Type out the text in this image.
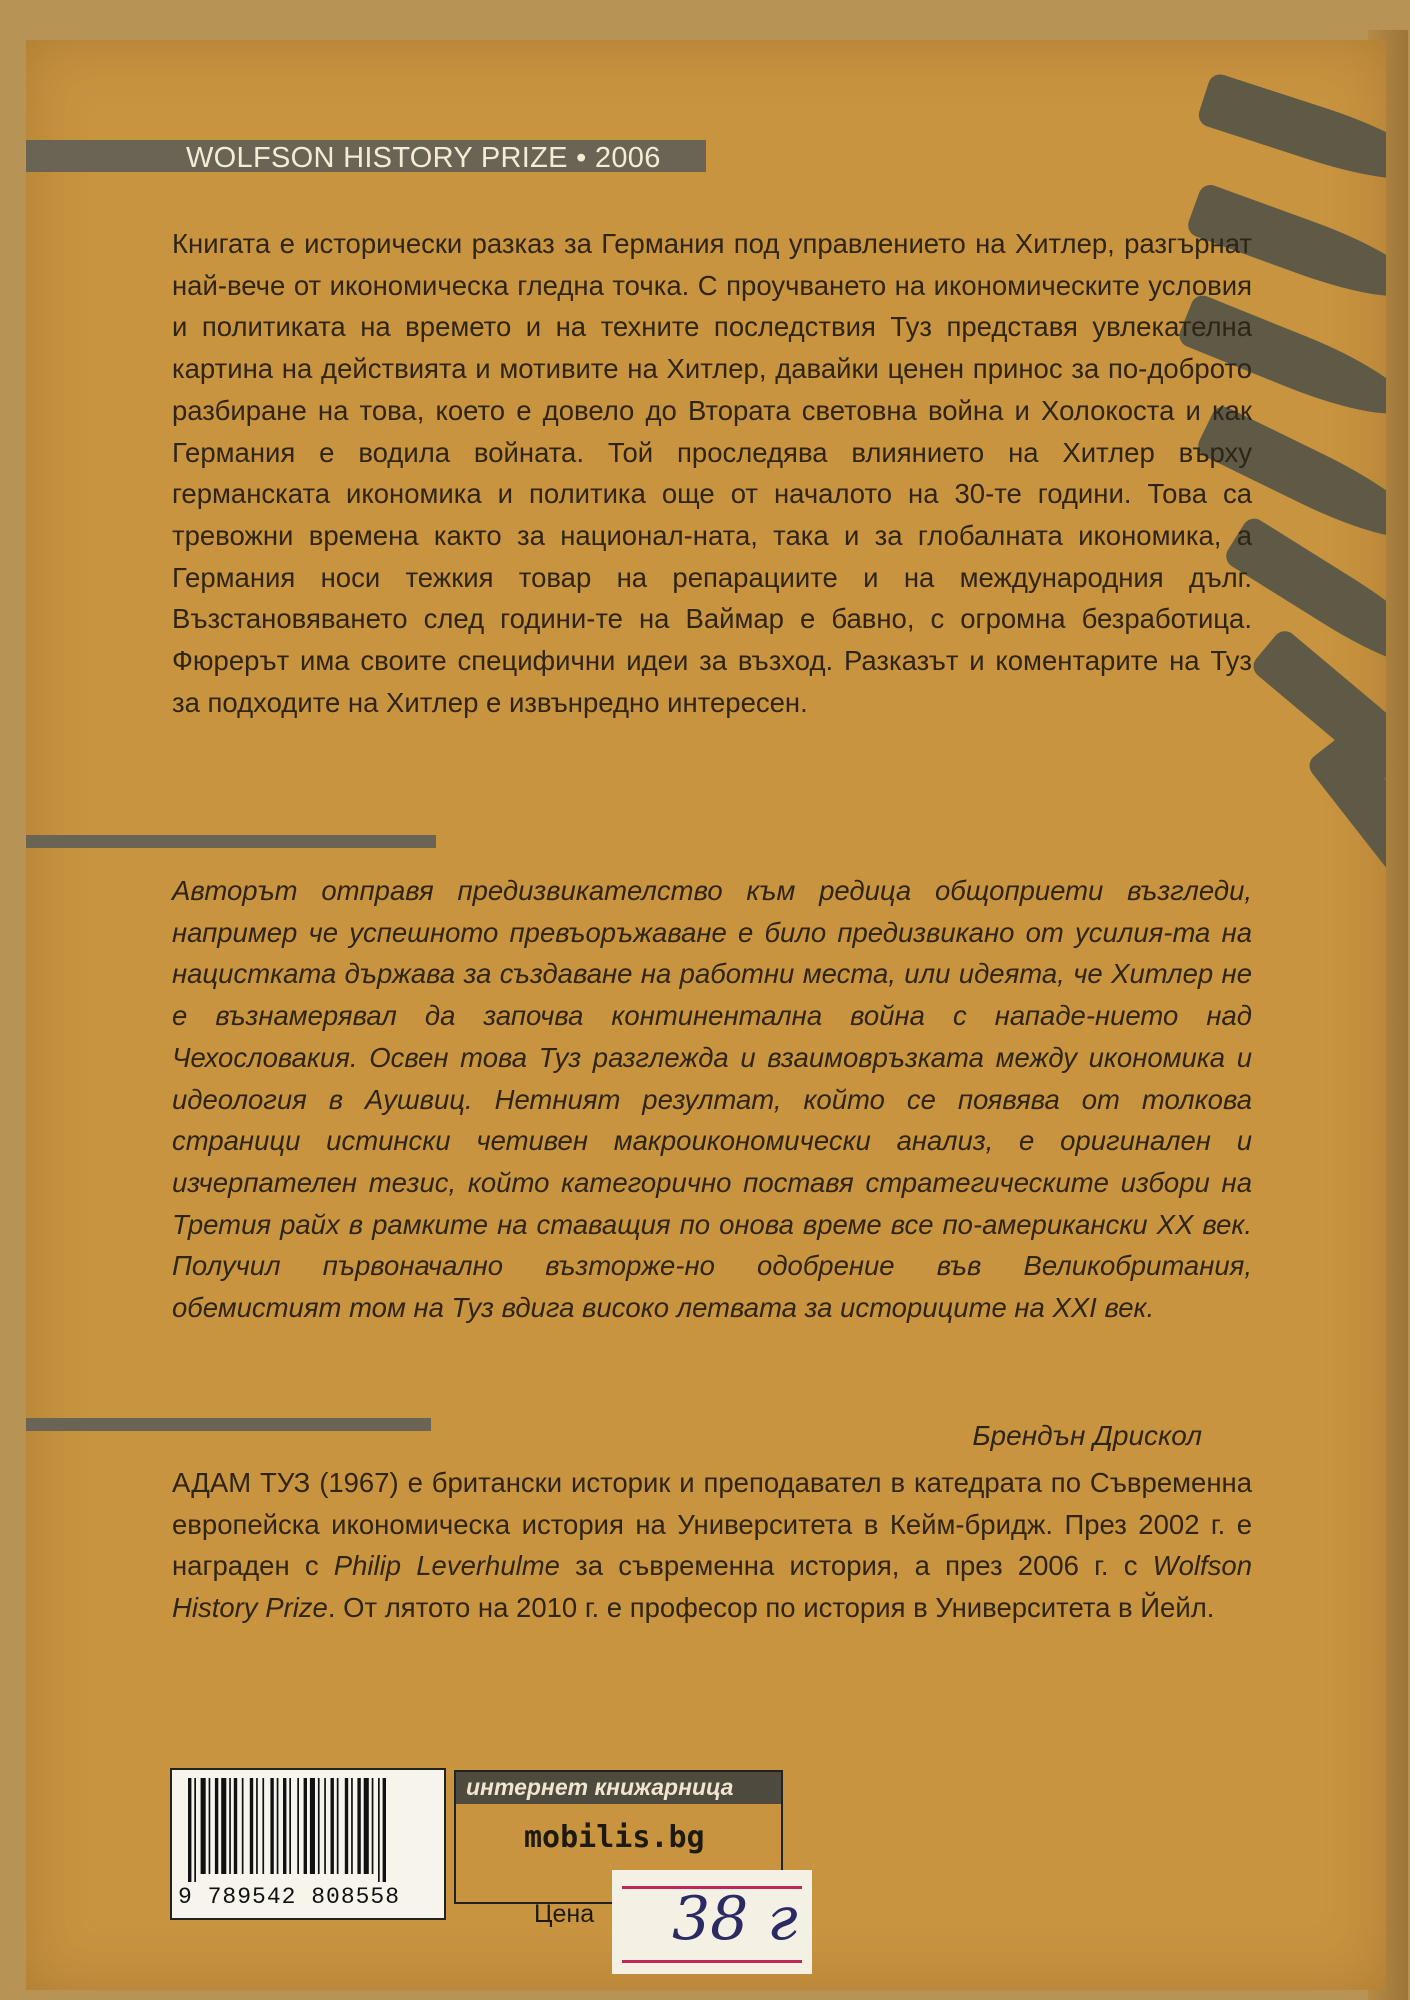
WOLFSON HISTORY PRIZE • 2006
Книгата е исторически разказ за Германия под управлението на Хитлер, разгърнат най-вече от икономическа гледна точка. С проучването на икономическите условия и политиката на времето и на техните последствия Туз представя увлекателна картина на действията и мотивите на Хитлер, давайки ценен принос за по-доброто разбиране на това, което е довело до Втората световна война и Холокоста и как Германия е водила войната. Той проследява влиянието на Хитлер върху германската икономика и политика още от началото на 30-те години. Това са тревожни времена както за национал-ната, така и за глобалната икономика, а Германия носи тежкия товар на репарациите и на международния дълг. Възстановяването след години-те на Ваймар е бавно, с огромна безработица. Фюрерът има своите специфични идеи за възход. Разказът и коментарите на Туз за подходите на Хитлер е извънредно интересен.
Авторът отправя предизвикателство към редица общоприети възгледи, например че успешното превъоръжаване е било предизвикано от усилия-та на нацистката държава за създаване на работни места, или идеята, че Хитлер не е възнамерявал да започва континентална война с нападе-нието над Чехословакия. Освен това Туз разглежда и взаимовръзката между икономика и идеология в Аушвиц. Нетният резултат, който се появява от толкова страници истински четивен макроикономически анализ, е оригинален и изчерпателен тезис, който категорично поставя стратегическите избори на Третия райх в рамките на ставащия по онова време все по-американски XX век. Получил първоначално възторже-но одобрение във Великобритания, обемистият том на Туз вдига високо летвата за историците на XXI век.
Брендън Дрискол
АДАМ ТУЗ (1967) е британски историк и преподавател в катедрата по Съвременна европейска икономическа история на Университета в Кейм-бридж. През 2002 г. е награден с Philip Leverhulme за съвременна история, а през 2006 г. с Wolfson History Prize. От лятото на 2010 г. е професор по история в Университета в Йейл.
9 789542 808558
интернет книжарница
mobilis.bg
Цена 38 г
